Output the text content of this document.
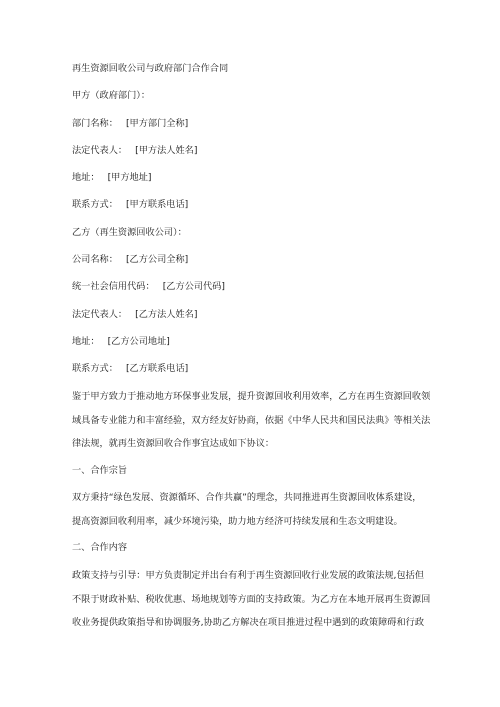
再生资源回收公司与政府部门合作合同
甲方（政府部门）：
部门名称： [甲方部门全称]
法定代表人： [甲方法人姓名]
地址： [甲方地址]
联系方式： [甲方联系电话]
乙方（再生资源回收公司）：
公司名称： [乙方公司全称]
统一社会信用代码： [乙方公司代码]
法定代表人： [乙方法人姓名]
地址： [乙方公司地址]
联系方式： [乙方联系电话]
鉴于甲方致力于推动地方环保事业发展，提升资源回收利用效率，乙方在再生资源回收领
域具备专业能力和丰富经验，双方经友好协商，依据《中华人民共和国民法典》等相关法
律法规，就再生资源回收合作事宜达成如下协议：
一、合作宗旨
双方秉持“绿色发展、资源循环、合作共赢”的理念，共同推进再生资源回收体系建设，
提高资源回收利用率，减少环境污染，助力地方经济可持续发展和生态文明建设。
二、合作内容
政策支持与引导：甲方负责制定并出台有利于再生资源回收行业发展的政策法规,包括但
不限于财政补贴、税收优惠、场地规划等方面的支持政策。为乙方在本地开展再生资源回
收业务提供政策指导和协调服务,协助乙方解决在项目推进过程中遇到的政策障碍和行政
